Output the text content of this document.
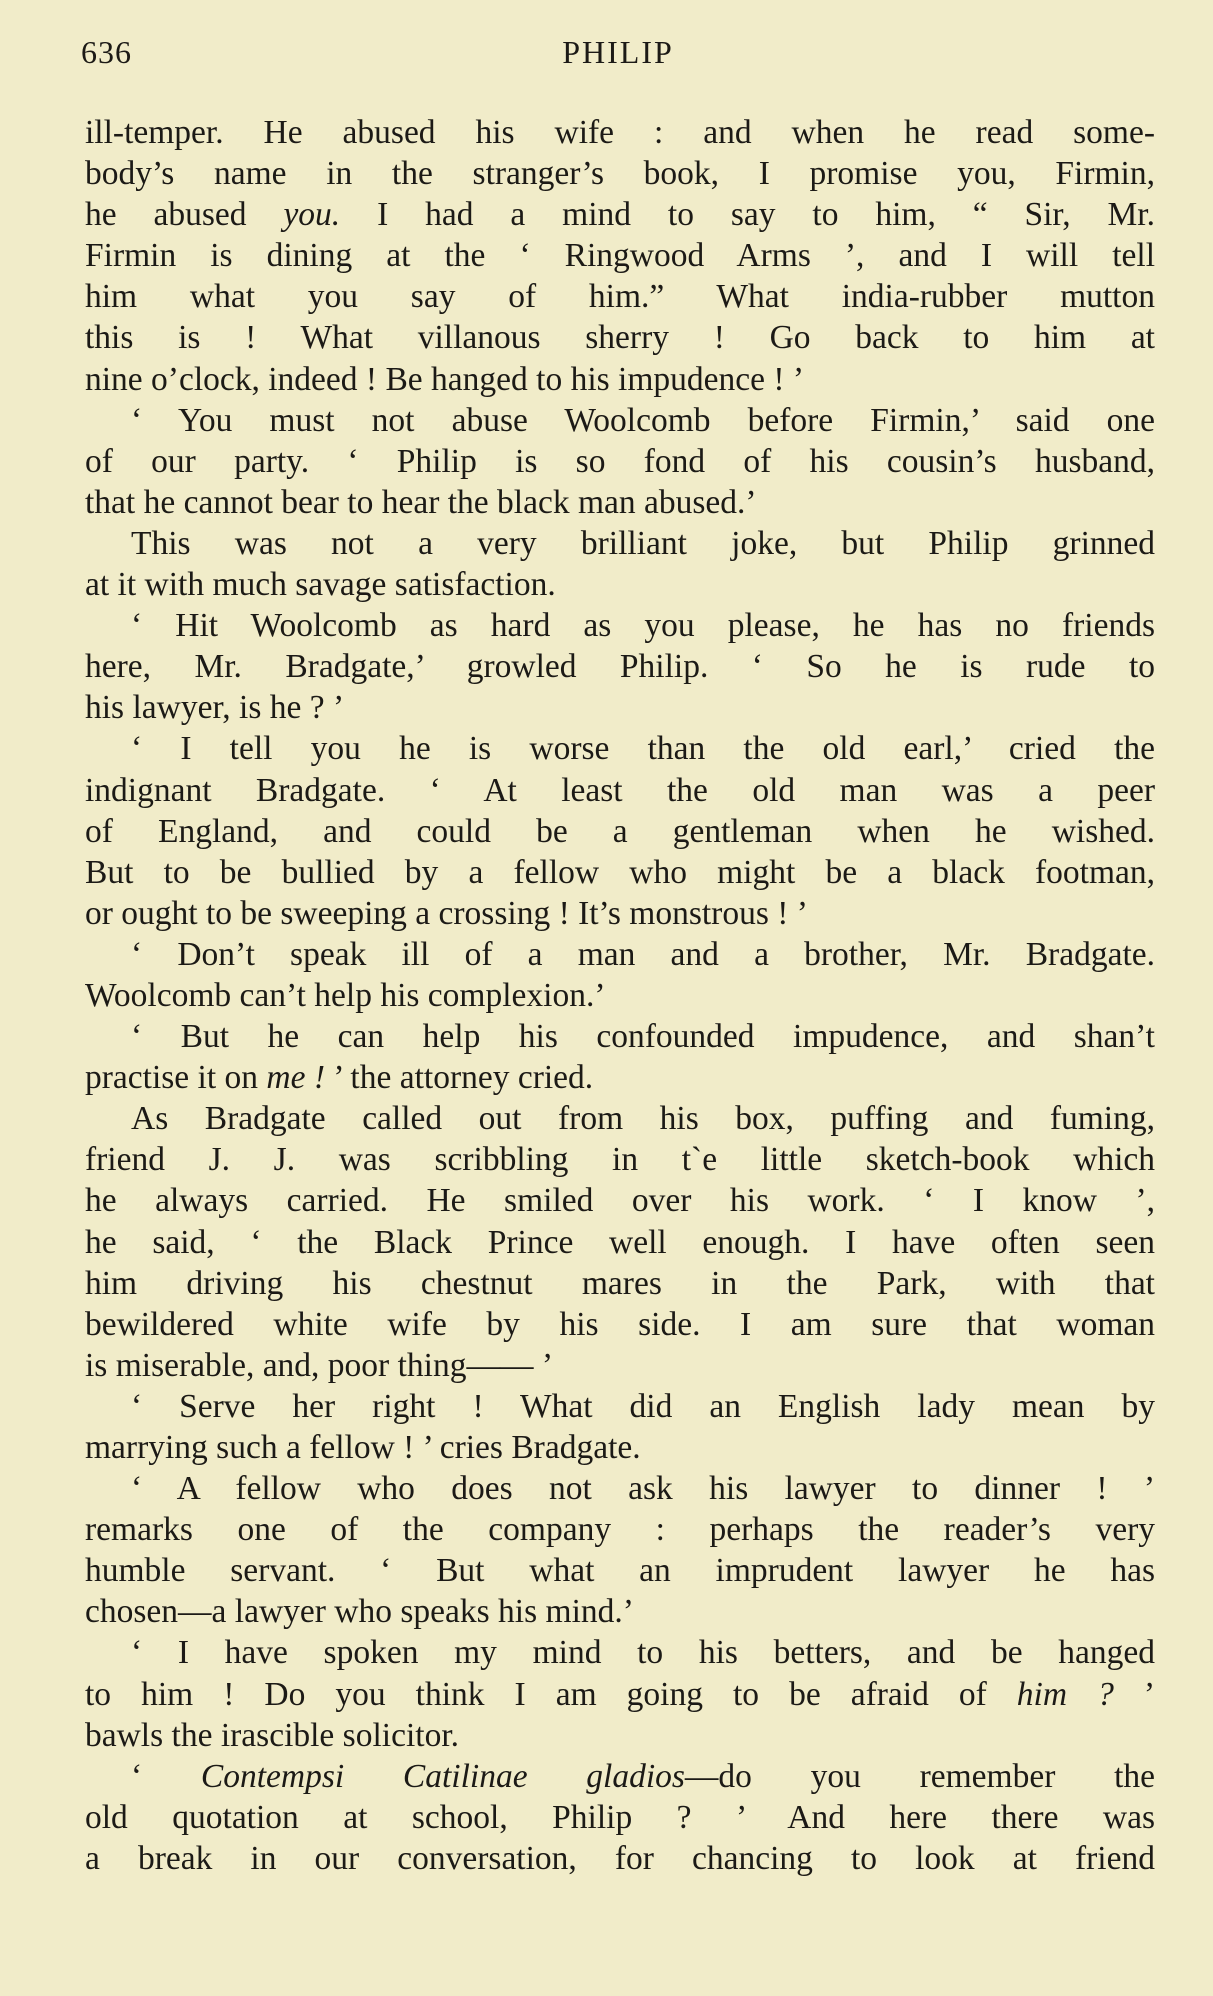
636	PHILIP
ill-temper. He abused his wife : and when he read some-
body’s name in the stranger’s book, I promise you, Firmin,
he abused you. I had a mind to say to him, “ Sir, Mr.
Firmin is dining at the ‘ Ringwood Arms ’, and I will tell
him what you say of him.” What india-rubber mutton
this is ! What villanous sherry ! Go back to him at
nine o’clock, indeed ! Be hanged to his impudence ! ’
‘ You must not abuse Woolcomb before Firmin,’ said one
of our party. ‘ Philip is so fond of his cousin’s husband,
that he cannot bear to hear the black man abused.’
This was not a very brilliant joke, but Philip grinned
at it with much savage satisfaction.
‘ Hit Woolcomb as hard as you please, he has no friends
here, Mr. Bradgate,’ growled Philip. ‘ So he is rude to
his lawyer, is he ? ’
‘ I tell you he is worse than the old earl,’ cried the
indignant Bradgate. ‘ At least the old man was a peer
of England, and could be a gentleman when he wished.
But to be bullied by a fellow who might be a black footman,
or ought to be sweeping a crossing ! It’s monstrous ! ’
‘ Don’t speak ill of a man and a brother, Mr. Bradgate.
Woolcomb can’t help his complexion.’
‘ But he can help his confounded impudence, and shan’t
practise it on me ! ’ the attorney cried.
As Bradgate called out from his box, puffing and fuming,
friend J. J. was scribbling in t`e little sketch-book which
he always carried. He smiled over his work. ‘ I know ’,
he said, ‘ the Black Prince well enough. I have often seen
him driving his chestnut mares in the Park, with that
bewildered white wife by his side. I am sure that woman
is miserable, and, poor thing—— ’
‘ Serve her right ! What did an English lady mean by
marrying such a fellow ! ’ cries Bradgate.
‘ A fellow who does not ask his lawyer to dinner ! ’
remarks one of the company : perhaps the reader’s very
humble servant. ‘ But what an imprudent lawyer he has
chosen—a lawyer who speaks his mind.’
‘ I have spoken my mind to his betters, and be hanged
to him ! Do you think I am going to be afraid of him ? ’
bawls the irascible solicitor.
‘ Contempsi Catilinae gladios—do you remember the
old quotation at school, Philip ? ’ And here there was
a break in our conversation, for chancing to look at friend
